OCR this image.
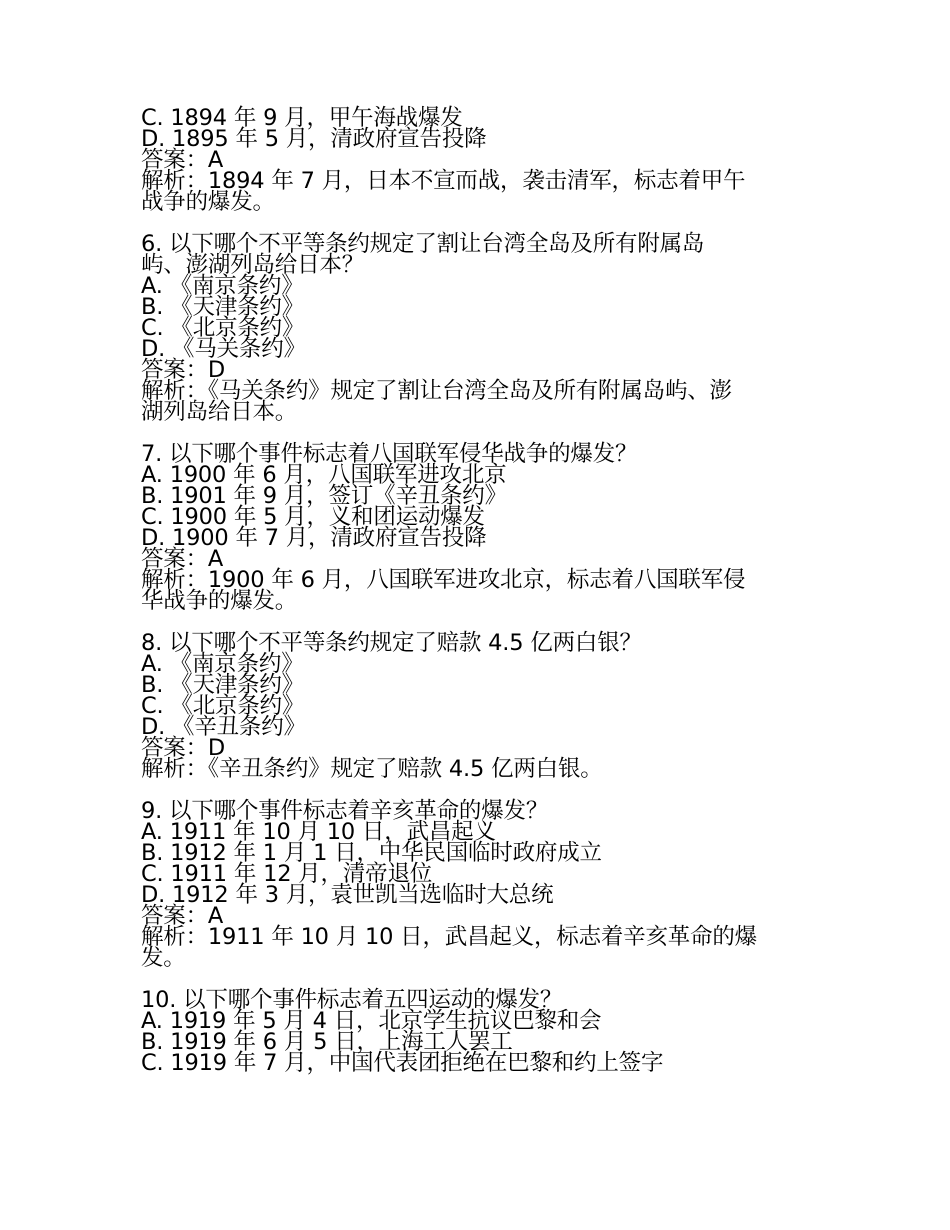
C. 1894 年 9 月，甲午海战爆发
D. 1895 年 5 月，清政府宣告投降
答案：A
解析：1894 年 7 月，日本不宣而战，袭击清军，标志着甲午
战争的爆发。
6. 以下哪个不平等条约规定了割让台湾全岛及所有附属岛
屿、澎湖列岛给日本？
A. 《南京条约》
B. 《天津条约》
C. 《北京条约》
D. 《马关条约》
答案：D
解析：《马关条约》规定了割让台湾全岛及所有附属岛屿、澎
湖列岛给日本。
7. 以下哪个事件标志着八国联军侵华战争的爆发？
A. 1900 年 6 月，八国联军进攻北京
B. 1901 年 9 月，签订《辛丑条约》
C. 1900 年 5 月，义和团运动爆发
D. 1900 年 7 月，清政府宣告投降
答案：A
解析：1900 年 6 月，八国联军进攻北京，标志着八国联军侵
华战争的爆发。
8. 以下哪个不平等条约规定了赔款 4.5 亿两白银？
A. 《南京条约》
B. 《天津条约》
C. 《北京条约》
D. 《辛丑条约》
答案：D
解析：《辛丑条约》规定了赔款 4.5 亿两白银。
9. 以下哪个事件标志着辛亥革命的爆发？
A. 1911 年 10 月 10 日，武昌起义
B. 1912 年 1 月 1 日，中华民国临时政府成立
C. 1911 年 12 月，清帝退位
D. 1912 年 3 月，袁世凯当选临时大总统
答案：A
解析：1911 年 10 月 10 日，武昌起义，标志着辛亥革命的爆
发。
10. 以下哪个事件标志着五四运动的爆发？
A. 1919 年 5 月 4 日，北京学生抗议巴黎和会
B. 1919 年 6 月 5 日，上海工人罢工
C. 1919 年 7 月，中国代表团拒绝在巴黎和约上签字
